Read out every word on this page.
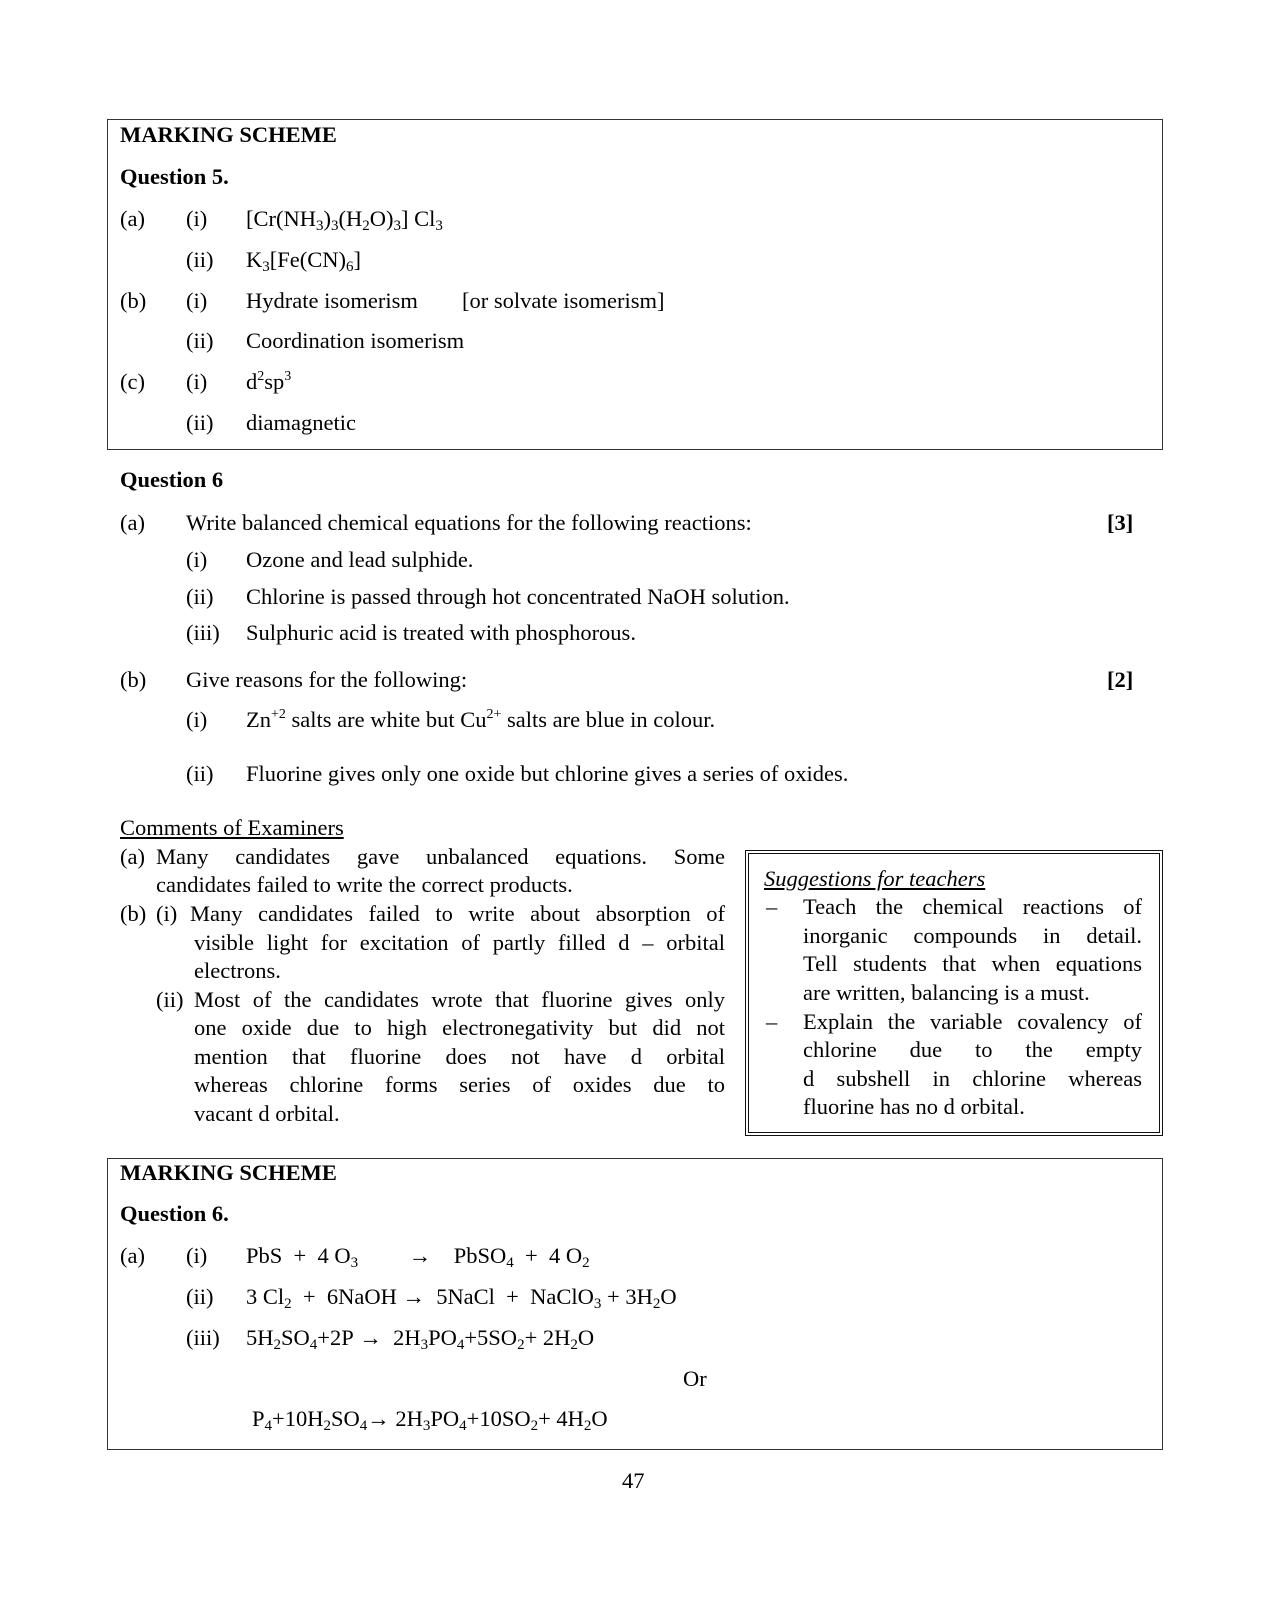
MARKING SCHEME
Question 5.
(a) (i) [Cr(NH3)3(H2O)3] Cl3
(ii) K3[Fe(CN)6]
(b) (i) Hydrate isomerism [or solvate isomerism]
(ii) Coordination isomerism
(c) (i) $d^2sp^3$
(ii) diamagnetic
Question 6
(a) Write balanced chemical equations for the following reactions:	[3]
(i) Ozone and lead sulphide.
(ii) Chlorine is passed through hot concentrated NaOH solution.
(iii) Sulphuric acid is treated with phosphorous.
(b) Give reasons for the following:	[2]
(i) $Zn^{+2}$ salts are white but $Cu^{2+}$ salts are blue in colour.
(ii) Fluorine gives only one oxide but chlorine gives a series of oxides.
Comments of Examiners
(a) Many candidates gave unbalanced equations. Some
candidates failed to write the correct products.
(b) (i) Many candidates failed to write about absorption of
visible light for excitation of partly filled d – orbital
electrons.
(ii) Most of the candidates wrote that fluorine gives only
one oxide due to high electronegativity but did not
mention that fluorine does not have d orbital
whereas chlorine forms series of oxides due to
vacant d orbital.
Suggestions for teachers
– Teach the chemical reactions of
inorganic compounds in detail.
Tell students that when equations
are written, balancing is a must.
– Explain the variable covalency of
chlorine due to the empty
d subshell in chlorine whereas
fluorine has no d orbital.
MARKING SCHEME
Question 6.
(a) (i) PbS  +  4 O3         →    PbSO4  +  4 O2
(ii) 3 Cl2  +  6NaOH →  5NaCl  +  NaClO3 + 3H2O
(iii) 5H2SO4+2P →  2H3PO4+5SO2+ 2H2O
Or
P4+10H2SO4→ 2H3PO4+10SO2+ 4H2O
47
